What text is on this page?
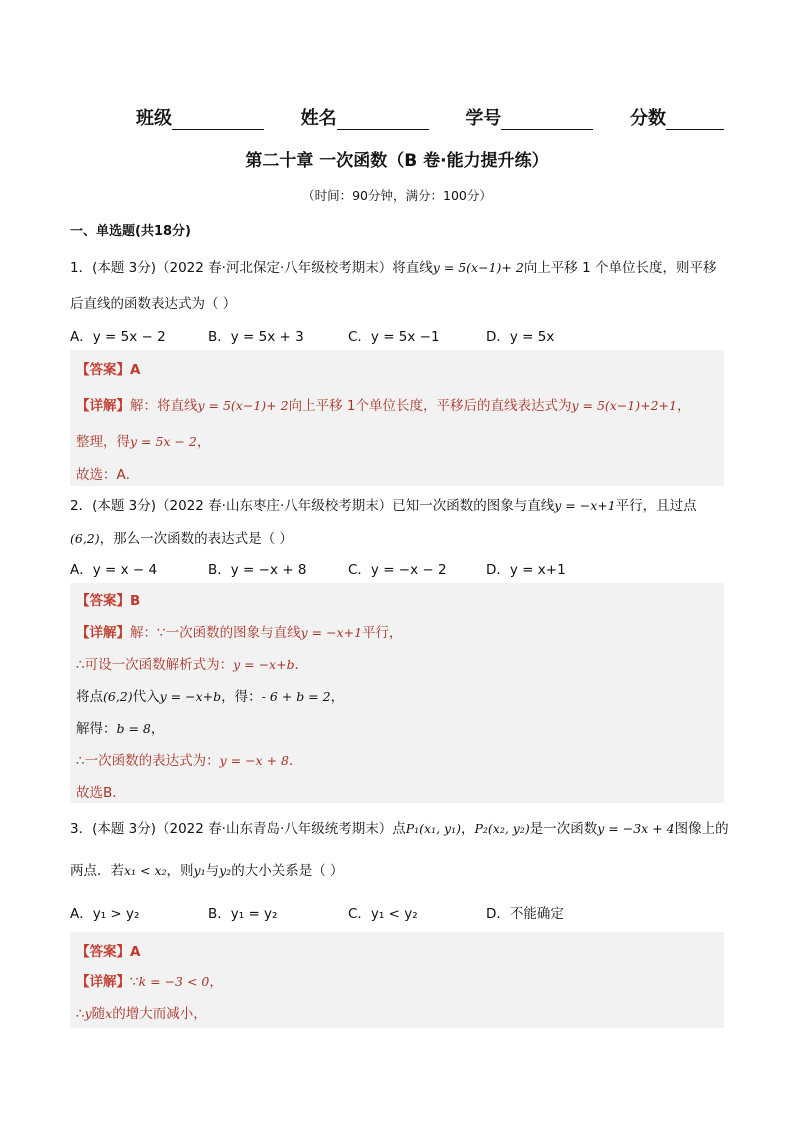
班级	姓名	学号	分数
第二十章 一次函数（B 卷·能力提升练）
（时间：90分钟，满分：100分）
一、单选题(共18分)
1．(本题 3分)（2022 春·河北保定·八年级校考期末）将直线y = 5(x−1)+ 2向上平移 1 个单位长度，则平移
后直线的函数表达式为（ ）
A．y = 5x − 2	B．y = 5x + 3	C．y = 5x −1	D．y = 5x
【答案】A
【详解】解：将直线y = 5(x−1)+ 2向上平移 1个单位长度，平移后的直线表达式为y = 5(x−1)+2+1，
整理，得y = 5x − 2，
故选：A．
2．(本题 3分)（2022 春·山东枣庄·八年级校考期末）已知一次函数的图象与直线y = −x+1平行，且过点
(6,2)，那么一次函数的表达式是（ ）
A．y = x − 4	B．y = −x + 8	C．y = −x − 2	D．y = x+1
【答案】B
【详解】解：∵一次函数的图象与直线y = −x+1平行，
∴可设一次函数解析式为：y = −x+b．
将点(6,2)代入y = −x+b，得：- 6 + b = 2，
解得：b = 8，
∴一次函数的表达式为：y = −x + 8．
故选B．
3．(本题 3分)（2022 春·山东青岛·八年级统考期末）点P₁(x₁, y₁)，P₂(x₂, y₂)是一次函数y = −3x + 4图像上的
两点．若x₁ < x₂，则y₁与y₂的大小关系是（ ）
A．y₁ > y₂	B．y₁ = y₂	C．y₁ < y₂	D．不能确定
【答案】A
【详解】∵k = −3 < 0，
∴y随x的增大而减小，
